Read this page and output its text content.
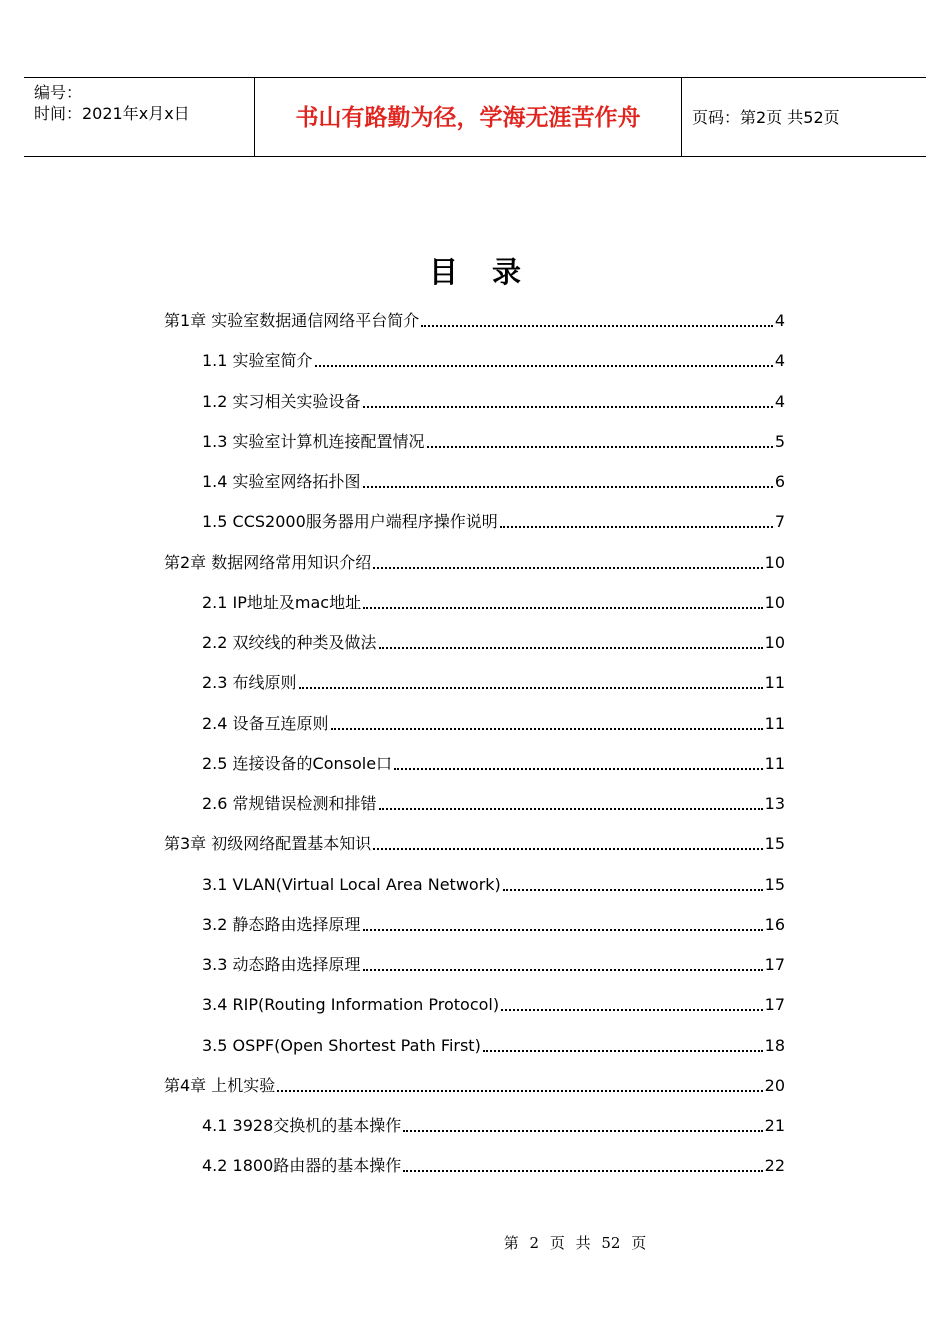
编号：
时间：2021年x月x日	书山有路勤为径，学海无涯苦作舟	页码：第2页 共52页
目录
第1章 实验室数据通信网络平台简介	4
1.1 实验室简介	4
1.2 实习相关实验设备	4
1.3 实验室计算机连接配置情况	5
1.4 实验室网络拓扑图	6
1.5 CCS2000服务器用户端程序操作说明	7
第2章 数据网络常用知识介绍	10
2.1 IP地址及mac地址	10
2.2 双绞线的种类及做法	10
2.3 布线原则	11
2.4 设备互连原则	11
2.5 连接设备的Console口	11
2.6 常规错误检测和排错	13
第3章 初级网络配置基本知识	15
3.1 VLAN(Virtual Local Area Network)	15
3.2 静态路由选择原理	16
3.3 动态路由选择原理	17
3.4 RIP(Routing Information Protocol)	17
3.5 OSPF(Open Shortest Path First)	18
第4章 上机实验	20
4.1 3928交换机的基本操作	21
4.2 1800路由器的基本操作	22
第 2 页 共 52 页
